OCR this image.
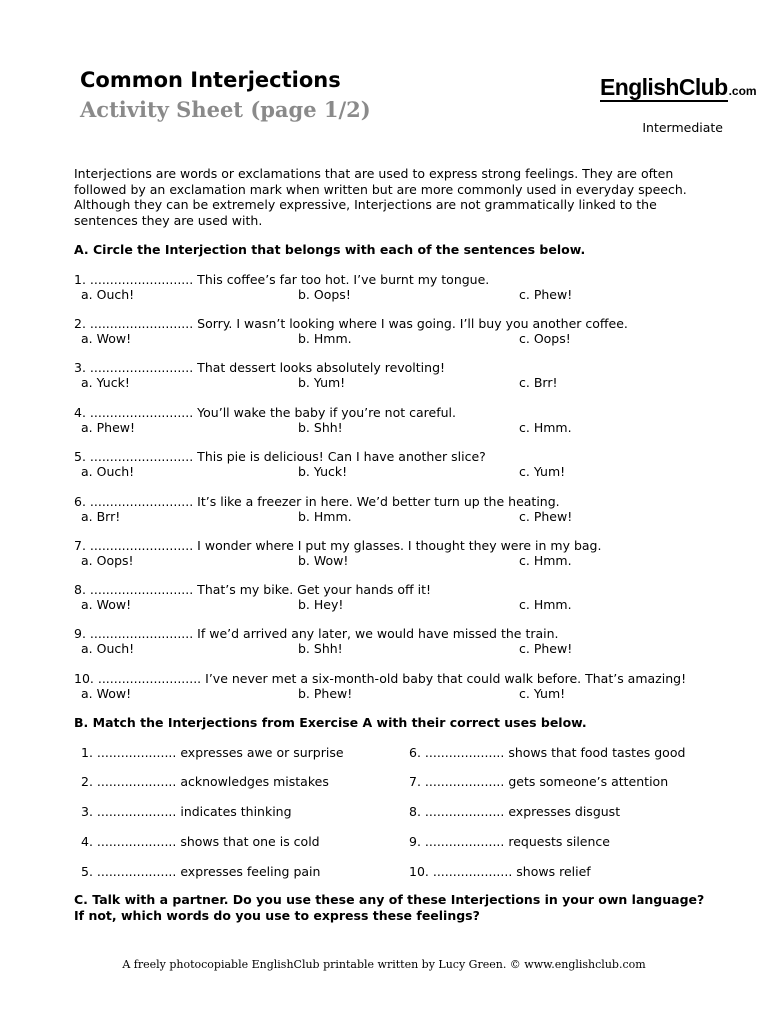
Common Interjections
Activity Sheet (page 1/2)
EnglishClub.com
Intermediate
Interjections are words or exclamations that are used to express strong feelings. They are often followed by an exclamation mark when written but are more commonly used in everyday speech. Although they can be extremely expressive, Interjections are not grammatically linked to the sentences they are used with.
A. Circle the Interjection that belongs with each of the sentences below.
1. .......................... This coffee’s far too hot. I’ve burnt my tongue.
a. Ouch!	b. Oops!	c. Phew!
2. .......................... Sorry. I wasn’t looking where I was going. I’ll buy you another coffee.
a. Wow!	b. Hmm.	c. Oops!
3. .......................... That dessert looks absolutely revolting!
a. Yuck!	b. Yum!	c. Brr!
4. .......................... You’ll wake the baby if you’re not careful.
a. Phew!	b. Shh!	c. Hmm.
5. .......................... This pie is delicious! Can I have another slice?
a. Ouch!	b. Yuck!	c. Yum!
6. .......................... It’s like a freezer in here. We’d better turn up the heating.
a. Brr!	b. Hmm.	c. Phew!
7. .......................... I wonder where I put my glasses. I thought they were in my bag.
a. Oops!	b. Wow!	c. Hmm.
8. .......................... That’s my bike. Get your hands off it!
a. Wow!	b. Hey!	c. Hmm.
9. .......................... If we’d arrived any later, we would have missed the train.
a. Ouch!	b. Shh!	c. Phew!
10. .......................... I’ve never met a six-month-old baby that could walk before. That’s amazing!
a. Wow!	b. Phew!	c. Yum!
B. Match the Interjections from Exercise A with their correct uses below.
1. .................... expresses awe or surprise
2. .................... acknowledges mistakes
3. .................... indicates thinking
4. .................... shows that one is cold
5. .................... expresses feeling pain
6. .................... shows that food tastes good
7. .................... gets someone’s attention
8. .................... expresses disgust
9. .................... requests silence
10. .................... shows relief
C. Talk with a partner. Do you use these any of these Interjections in your own language?
If not, which words do you use to express these feelings?
A freely photocopiable EnglishClub printable written by Lucy Green. © www.englishclub.com
